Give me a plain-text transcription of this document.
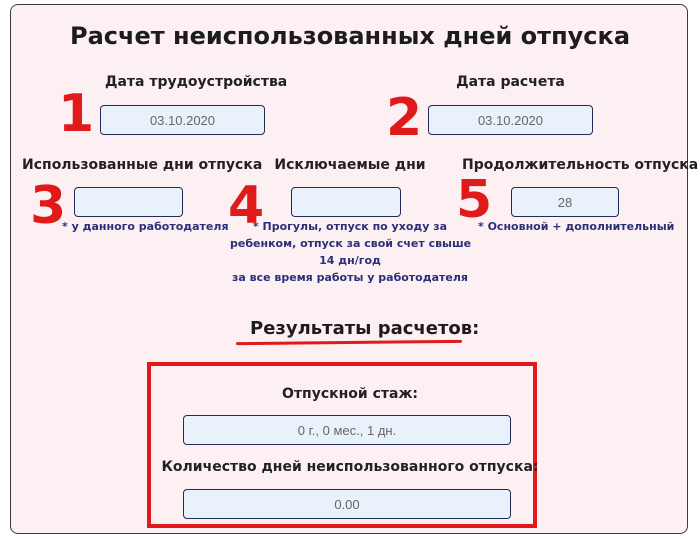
Расчет неиспользованных дней отпуска
1
Дата трудоустройства
03.10.2020
2
Дата расчета
03.10.2020
Использованные дни отпуска
3
* у данного работодателя
Исключаемые дни
4
* Прогулы, отпуск по уходу за
ребенком, отпуск за свой счет свыше
14 дн/год
за все время работы у работодателя
Продолжительность отпуска
5
28
* Основной + дополнительный
Результаты расчетов:
Отпускной стаж:
0 г., 0 мес., 1 дн.
Количество дней неиспользованного отпуска:
0.00
